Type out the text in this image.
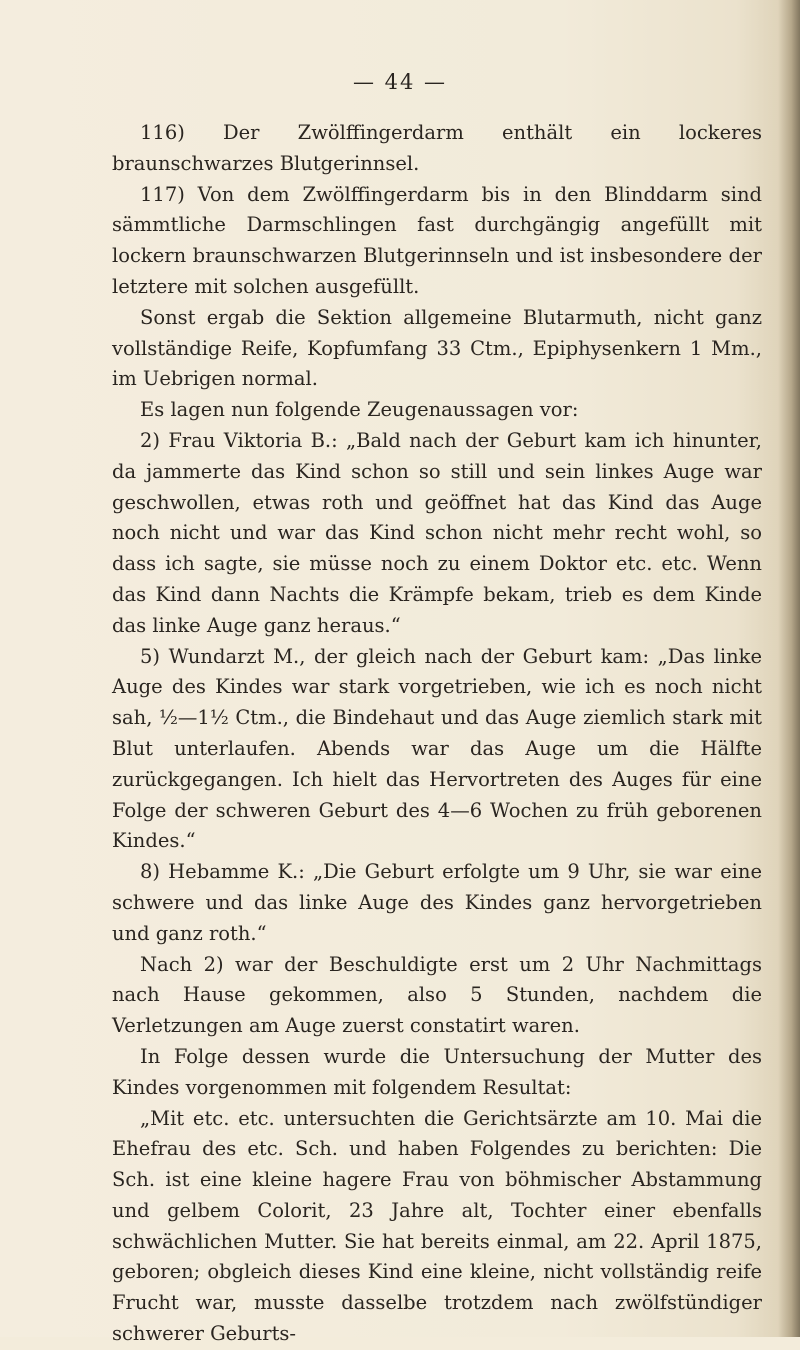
— 44 —

116) Der Zwölffingerdarm enthält ein lockeres braunschwarzes Blutgerinnsel.

117) Von dem Zwölffingerdarm bis in den Blinddarm sind sämmtliche Darmschlingen fast durchgängig angefüllt mit lockern braunschwarzen Blutgerinnseln und ist insbesondere der letztere mit solchen ausgefüllt.

Sonst ergab die Sektion allgemeine Blutarmuth, nicht ganz vollständige Reife, Kopfumfang 33 Ctm., Epiphysenkern 1 Mm., im Uebrigen normal.

Es lagen nun folgende Zeugenaussagen vor:

2) Frau Viktoria B.: „Bald nach der Geburt kam ich hinunter, da jammerte das Kind schon so still und sein linkes Auge war geschwollen, etwas roth und geöffnet hat das Kind das Auge noch nicht und war das Kind schon nicht mehr recht wohl, so dass ich sagte, sie müsse noch zu einem Doktor etc. etc. Wenn das Kind dann Nachts die Krämpfe bekam, trieb es dem Kinde das linke Auge ganz heraus.“

5) Wundarzt M., der gleich nach der Geburt kam: „Das linke Auge des Kindes war stark vorgetrieben, wie ich es noch nicht sah, ½—1½ Ctm., die Bindehaut und das Auge ziemlich stark mit Blut unterlaufen. Abends war das Auge um die Hälfte zurückgegangen. Ich hielt das Hervortreten des Auges für eine Folge der schweren Geburt des 4—6 Wochen zu früh geborenen Kindes.“

8) Hebamme K.: „Die Geburt erfolgte um 9 Uhr, sie war eine schwere und das linke Auge des Kindes ganz hervorgetrieben und ganz roth.“

Nach 2) war der Beschuldigte erst um 2 Uhr Nachmittags nach Hause gekommen, also 5 Stunden, nachdem die Verletzungen am Auge zuerst constatirt waren.

In Folge dessen wurde die Untersuchung der Mutter des Kindes vorgenommen mit folgendem Resultat:

„Mit etc. etc. untersuchten die Gerichtsärzte am 10. Mai die Ehefrau des etc. Sch. und haben Folgendes zu berichten: Die Sch. ist eine kleine hagere Frau von böhmischer Abstammung und gelbem Colorit, 23 Jahre alt, Tochter einer ebenfalls schwächlichen Mutter. Sie hat bereits einmal, am 22. April 1875, geboren; obgleich dieses Kind eine kleine, nicht vollständig reife Frucht war, musste dasselbe trotzdem nach zwölfstündiger schwerer Geburts-
